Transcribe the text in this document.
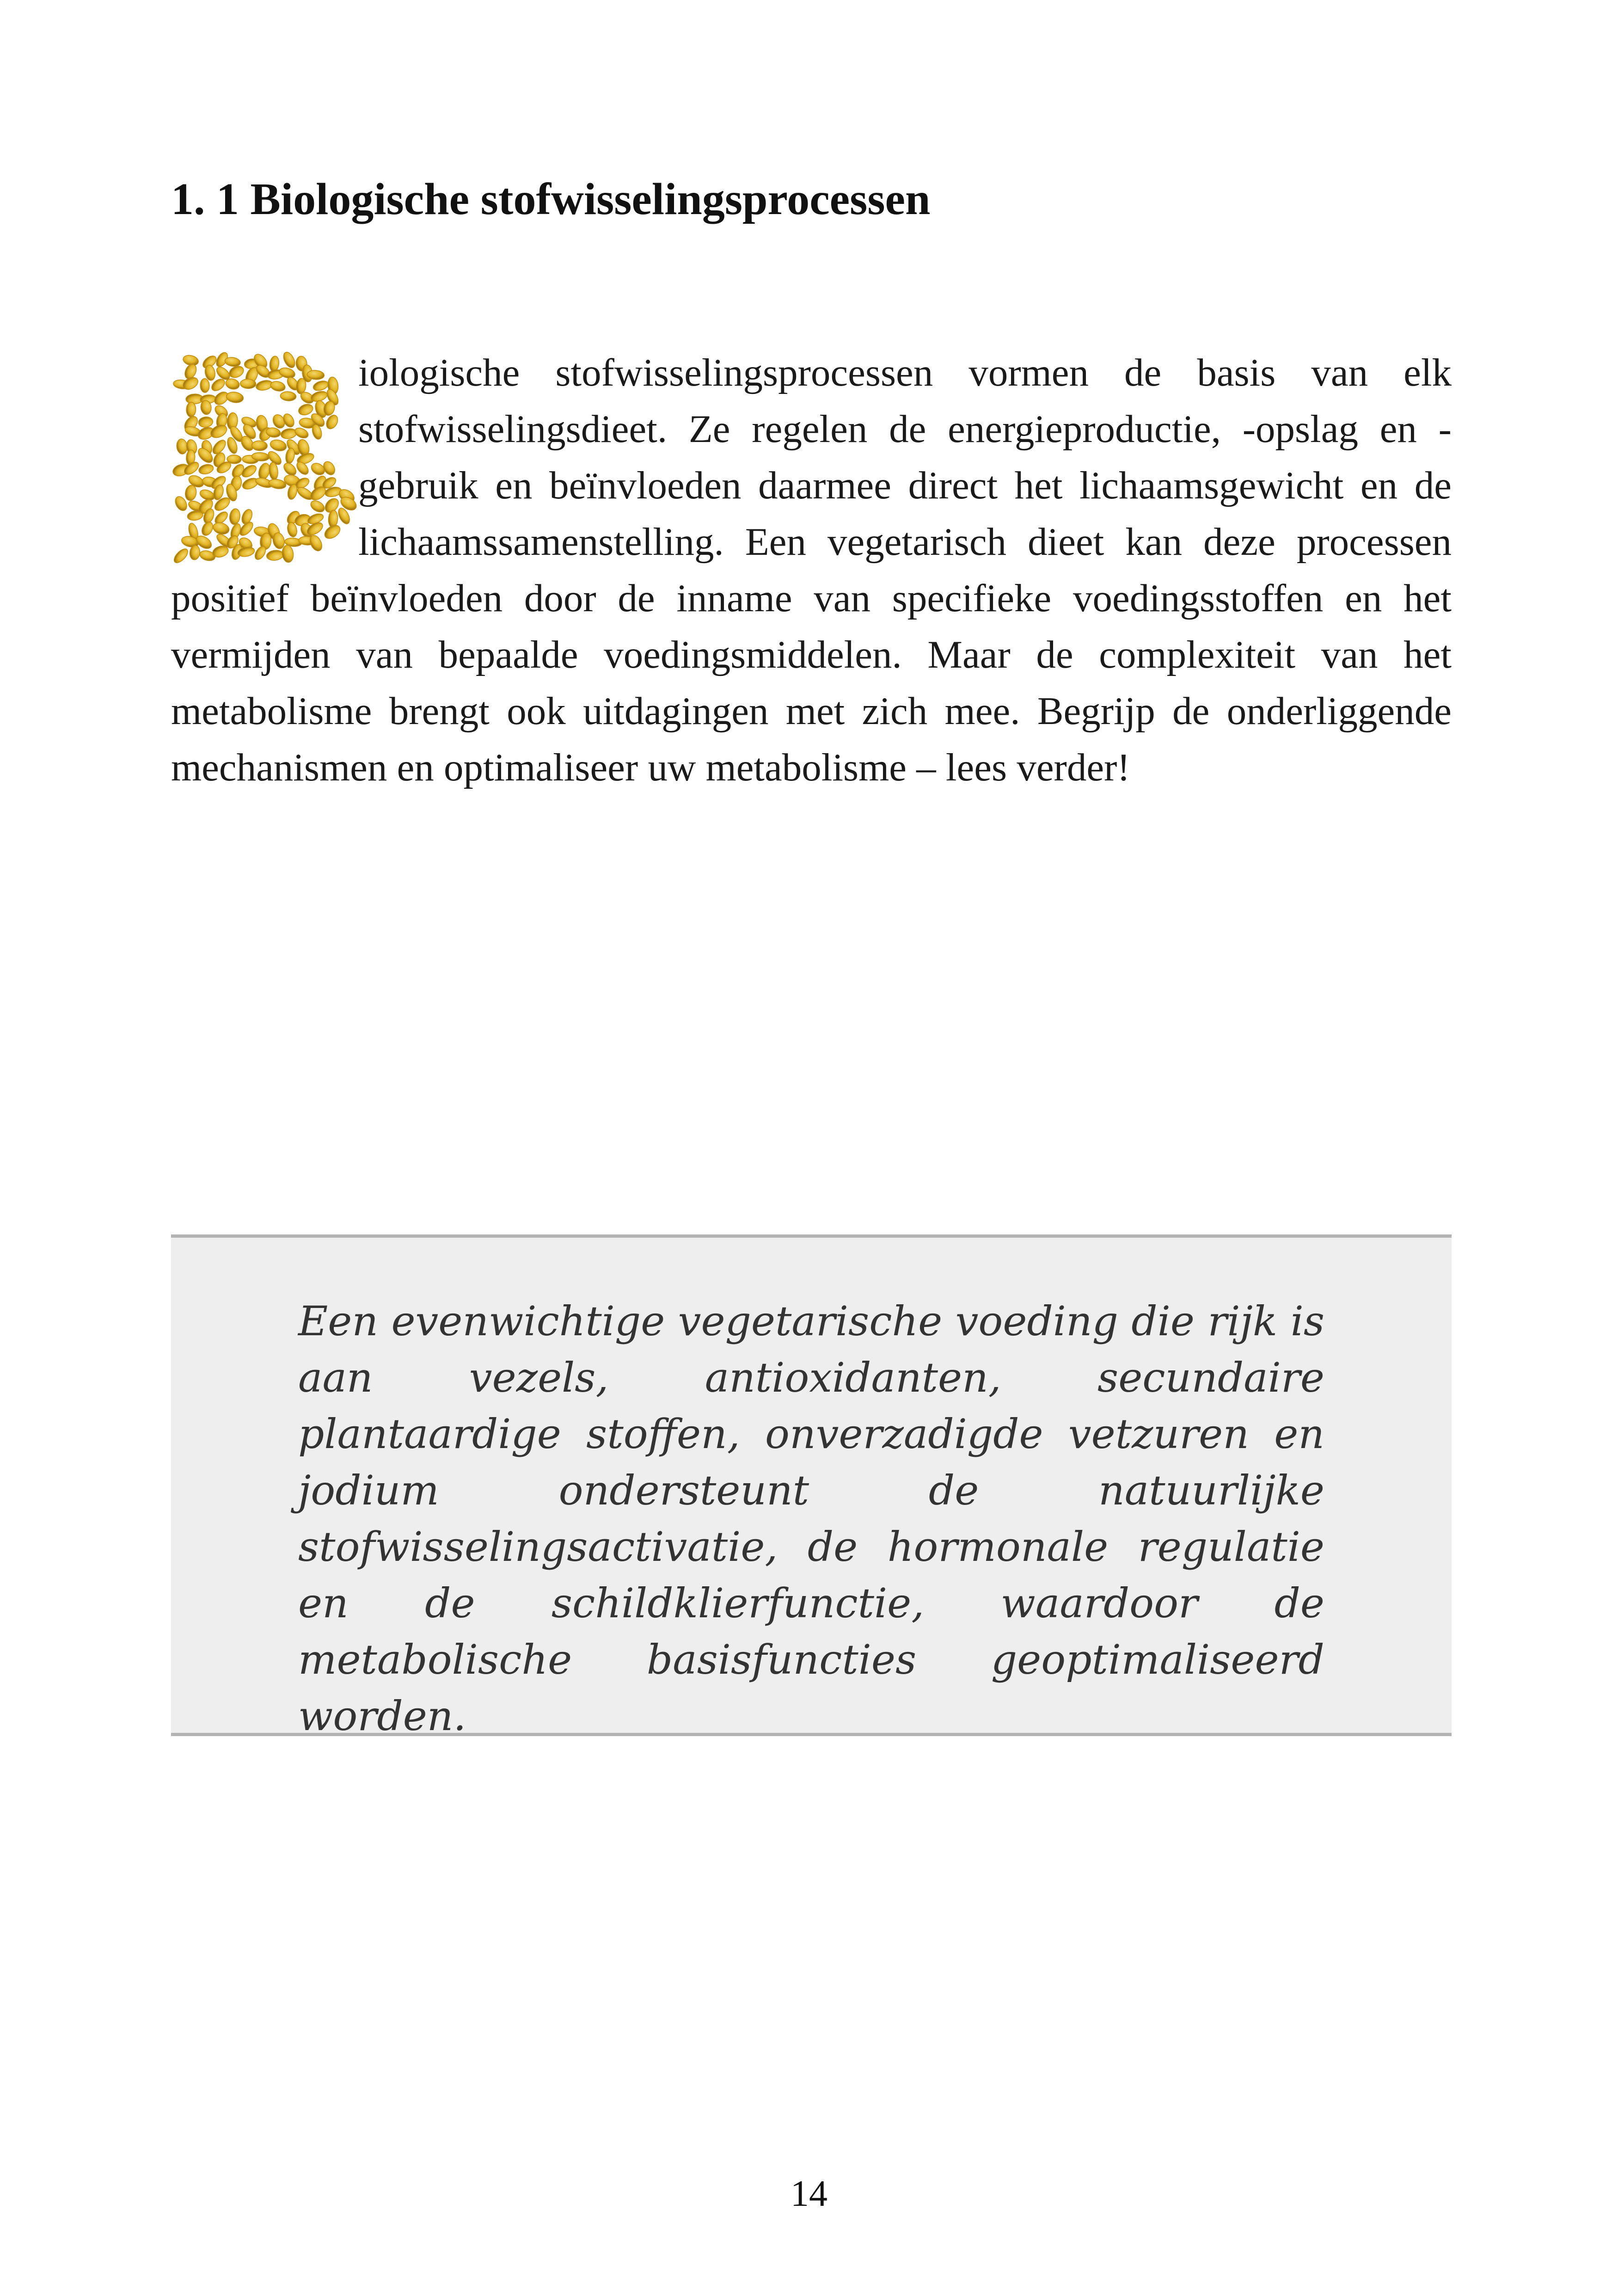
1. 1 Biologische stofwisselingsprocessen
iologische stofwisselingsprocessen vormen de basis van elk stofwisselingsdieet. Ze regelen de energieproductie, -opslag en -gebruik en beïnvloeden daarmee direct het lichaamsgewicht en de lichaamssamenstelling. Een vegetarisch dieet kan deze processen positief beïnvloeden door de inname van specifieke voedingsstoffen en het vermijden van bepaalde voedingsmiddelen. Maar de complexiteit van het metabolisme brengt ook uitdagingen met zich mee. Begrijp de onderliggende mechanismen en optimaliseer uw metabolisme – lees verder!

Een evenwichtige vegetarische voeding die rijk is aan vezels, antioxidanten, secundaire plantaardige stoffen, onverzadigde vetzuren en jodium ondersteunt de natuurlijke stofwisselingsactivatie, de hormonale regulatie en de schildklierfunctie, waardoor de metabolische basisfuncties geoptimaliseerd worden.

14
